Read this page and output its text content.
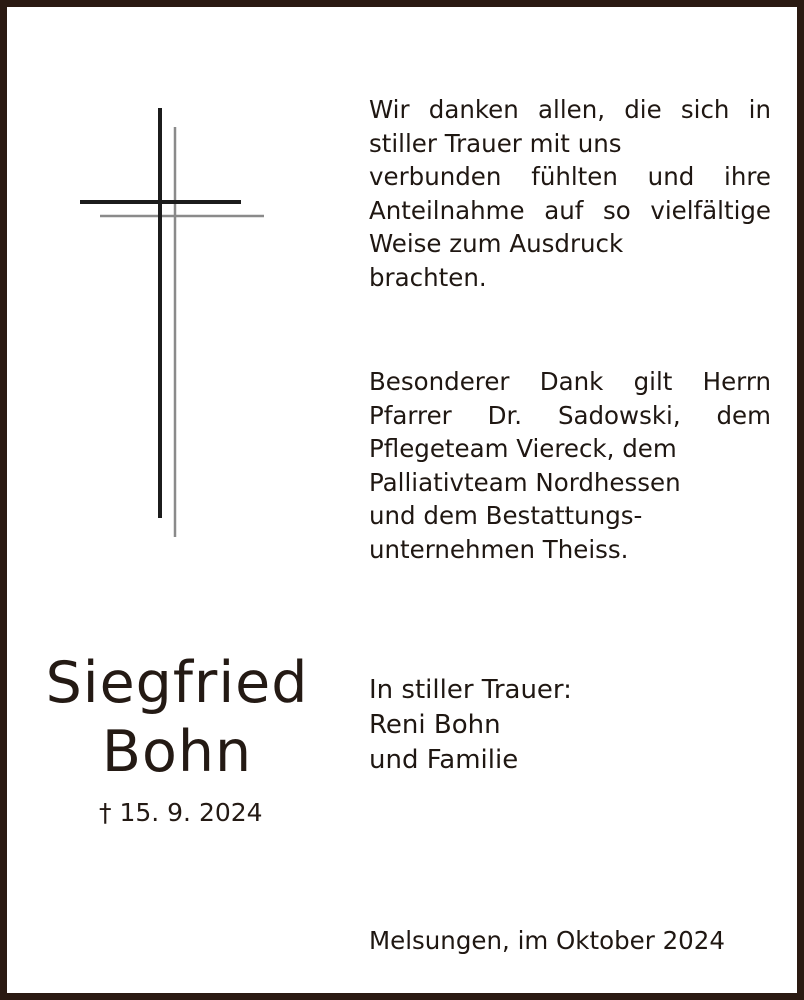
Siegfried
Bohn
† 15. 9. 2024
Wir danken allen, die sich in
stiller Trauer mit uns
verbunden fühlten und ihre
Anteilnahme auf so vielfältige
Weise zum Ausdruck
brachten.
Besonderer Dank gilt Herrn
Pfarrer Dr. Sadowski, dem
Pflegeteam Viereck, dem
Palliativteam Nordhessen
und dem Bestattungs-
unternehmen Theiss.
In stiller Trauer:
Reni Bohn
und Familie
Melsungen, im Oktober 2024
